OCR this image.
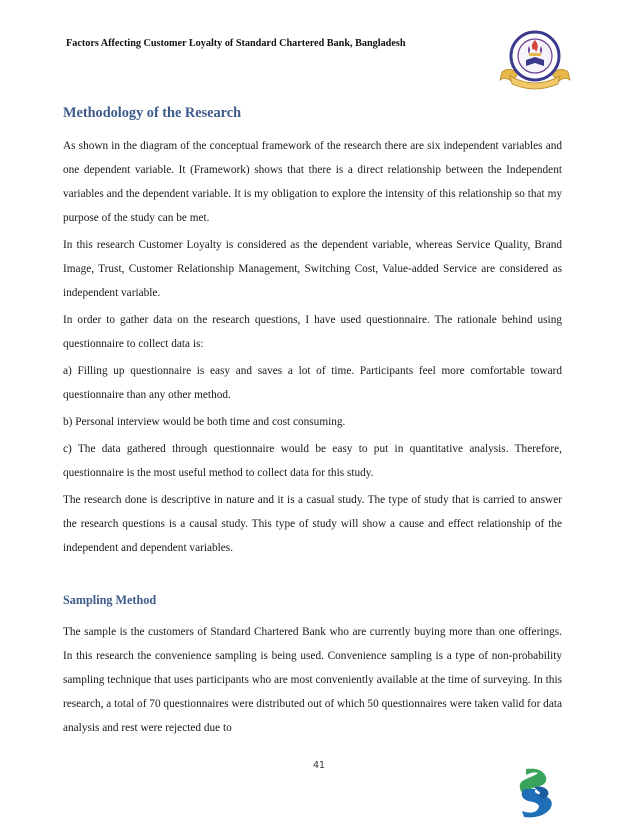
Factors Affecting Customer Loyalty of Standard Chartered Bank, Bangladesh
Methodology of the Research

As shown in the diagram of the conceptual framework of the research there are six independent variables and one dependent variable. It (Framework) shows that there is a direct relationship between the Independent variables and the dependent variable. It is my obligation to explore the intensity of this relationship so that my purpose of the study can be met.

In this research Customer Loyalty is considered as the dependent variable, whereas Service Quality, Brand Image, Trust, Customer Relationship Management, Switching Cost, Value-added Service are considered as independent variable.

In order to gather data on the research questions, I have used questionnaire. The rationale behind using questionnaire to collect data is:

a) Filling up questionnaire is easy and saves a lot of time. Participants feel more comfortable toward questionnaire than any other method.

b) Personal interview would be both time and cost consuming.

c) The data gathered through questionnaire would be easy to put in quantitative analysis. Therefore, questionnaire is the most useful method to collect data for this study.

The research done is descriptive in nature and it is a casual study. The type of study that is carried to answer the research questions is a causal study. This type of study will show a cause and effect relationship of the independent and dependent variables.

Sampling Method

The sample is the customers of Standard Chartered Bank who are currently buying more than one offerings. In this research the convenience sampling is being used. Convenience sampling is a type of non-probability sampling technique that uses participants who are most conveniently available at the time of surveying. In this research, a total of 70 questionnaires were distributed out of which 50 questionnaires were taken valid for data analysis and rest were rejected due to

41
